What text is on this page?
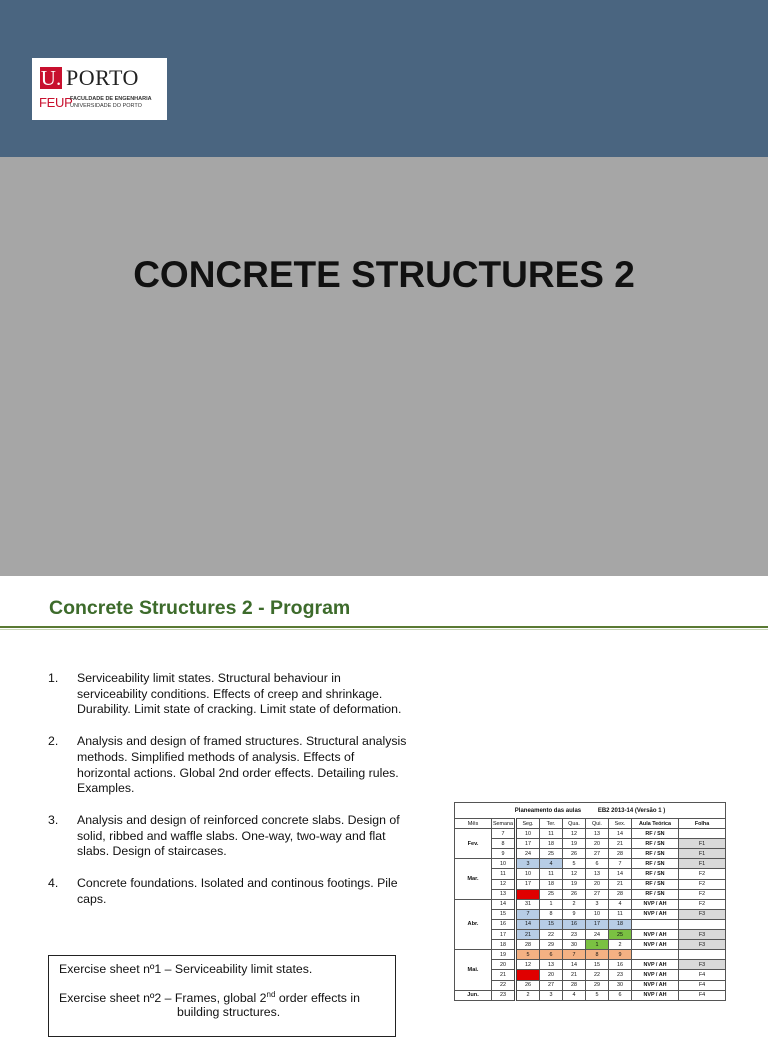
U. PORTO
FEUP
FACULDADE DE ENGENHARIA
UNIVERSIDADE DO PORTO
CONCRETE STRUCTURES 2
Concrete Structures 2 - Program
1.	Serviceability limit states. Structural behaviour in serviceability conditions. Effects of creep and shrinkage. Durability. Limit state of cracking. Limit state of deformation.
2.	Analysis and design of framed structures. Structural analysis methods. Simplified methods of analysis. Effects of horizontal actions. Global 2nd order effects. Detailing rules. Examples.
3.	Analysis and design of reinforced concrete slabs. Design of solid, ribbed and waffle slabs. One-way, two-way and flat slabs. Design of staircases.
4.	Concrete foundations. Isolated and continous footings. Pile caps.
Exercise sheet nº1 – Serviceability limit states.
Exercise sheet nº2 – Frames, global 2nd order effects in
building structures.
Planeamento das aulas EB2 2013-14 (Versão 1 )								
Mês	Semana	Seg.	Ter.	Qua.	Qui.	Sex.	Aula Teórica	Folha
Fev.	7	10	11	12	13	14	RF / SN	
	8	17	18	19	20	21	RF / SN	F1
	9	24	25	26	27	28	RF / SN	F1
Mar.	10	3	4	5	6	7	RF / SN	F1
	11	10	11	12	13	14	RF / SN	F2
	12	17	18	19	20	21	RF / SN	F2
	13	24	25	26	27	28	RF / SN	F2
Abr.	14	31	1	2	3	4	NVP / AH	F2
	15	7	8	9	10	11	NVP / AH	F3
	16	14	15	16	17	18		
	17	21	22	23	24	25	NVP / AH	F3
	18	28	29	30	1	2	NVP / AH	F3
Mai.	19	5	6	7	8	9		
	20	12	13	14	15	16	NVP / AH	F3
	21	19	20	21	22	23	NVP / AH	F4
	22	26	27	28	29	30	NVP / AH	F4
Jun.	23	2	3	4	5	6	NVP / AH	F4
